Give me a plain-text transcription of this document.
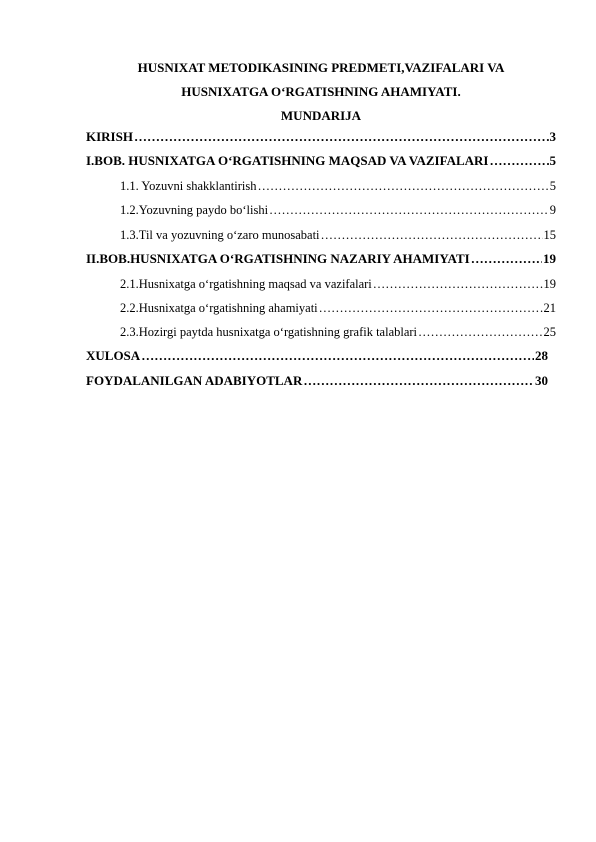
HUSNIXAT METODIKASINING PREDMETI,VAZIFALARI VA
HUSNIXATGA O‘RGATISHNING AHAMIYATI.
MUNDARIJA
KIRISH ………………………………………………………………………………………………………………………………………………………………………………………………	3
I.BOB. HUSNIXATGA O‘RGATISHNING MAQSAD VA VAZIFALARI ………………………………………………………………………………………………………………………………………………………………………………………………	5
1.1. Yozuvni shakklantirish ………………………………………………………………………………………………………………………………………………………………………………………………	5
1.2.Yozuvning paydo bo‘lishi ………………………………………………………………………………………………………………………………………………………………………………………………	9
1.3.Til va yozuvning o‘zaro munosabati ………………………………………………………………………………………………………………………………………………………………………………………………	15
II.BOB.HUSNIXATGA O‘RGATISHNING NAZARIY AHAMIYATI ………………………………………………………………………………………………………………………………………………………………………………………………	19
2.1.Husnixatga o‘rgatishning maqsad va vazifalari ………………………………………………………………………………………………………………………………………………………………………………………………	19
2.2.Husnixatga o‘rgatishning ahamiyati ………………………………………………………………………………………………………………………………………………………………………………………………	21
2.3.Hozirgi paytda husnixatga o‘rgatishning grafik talablari ………………………………………………………………………………………………………………………………………………………………………………………………	25
XULOSA ………………………………………………………………………………………………………………………………………………………………………………………………	28
FOYDALANILGAN ADABIYOTLAR ………………………………………………………………………………………………………………………………………………………………………………………………	30
